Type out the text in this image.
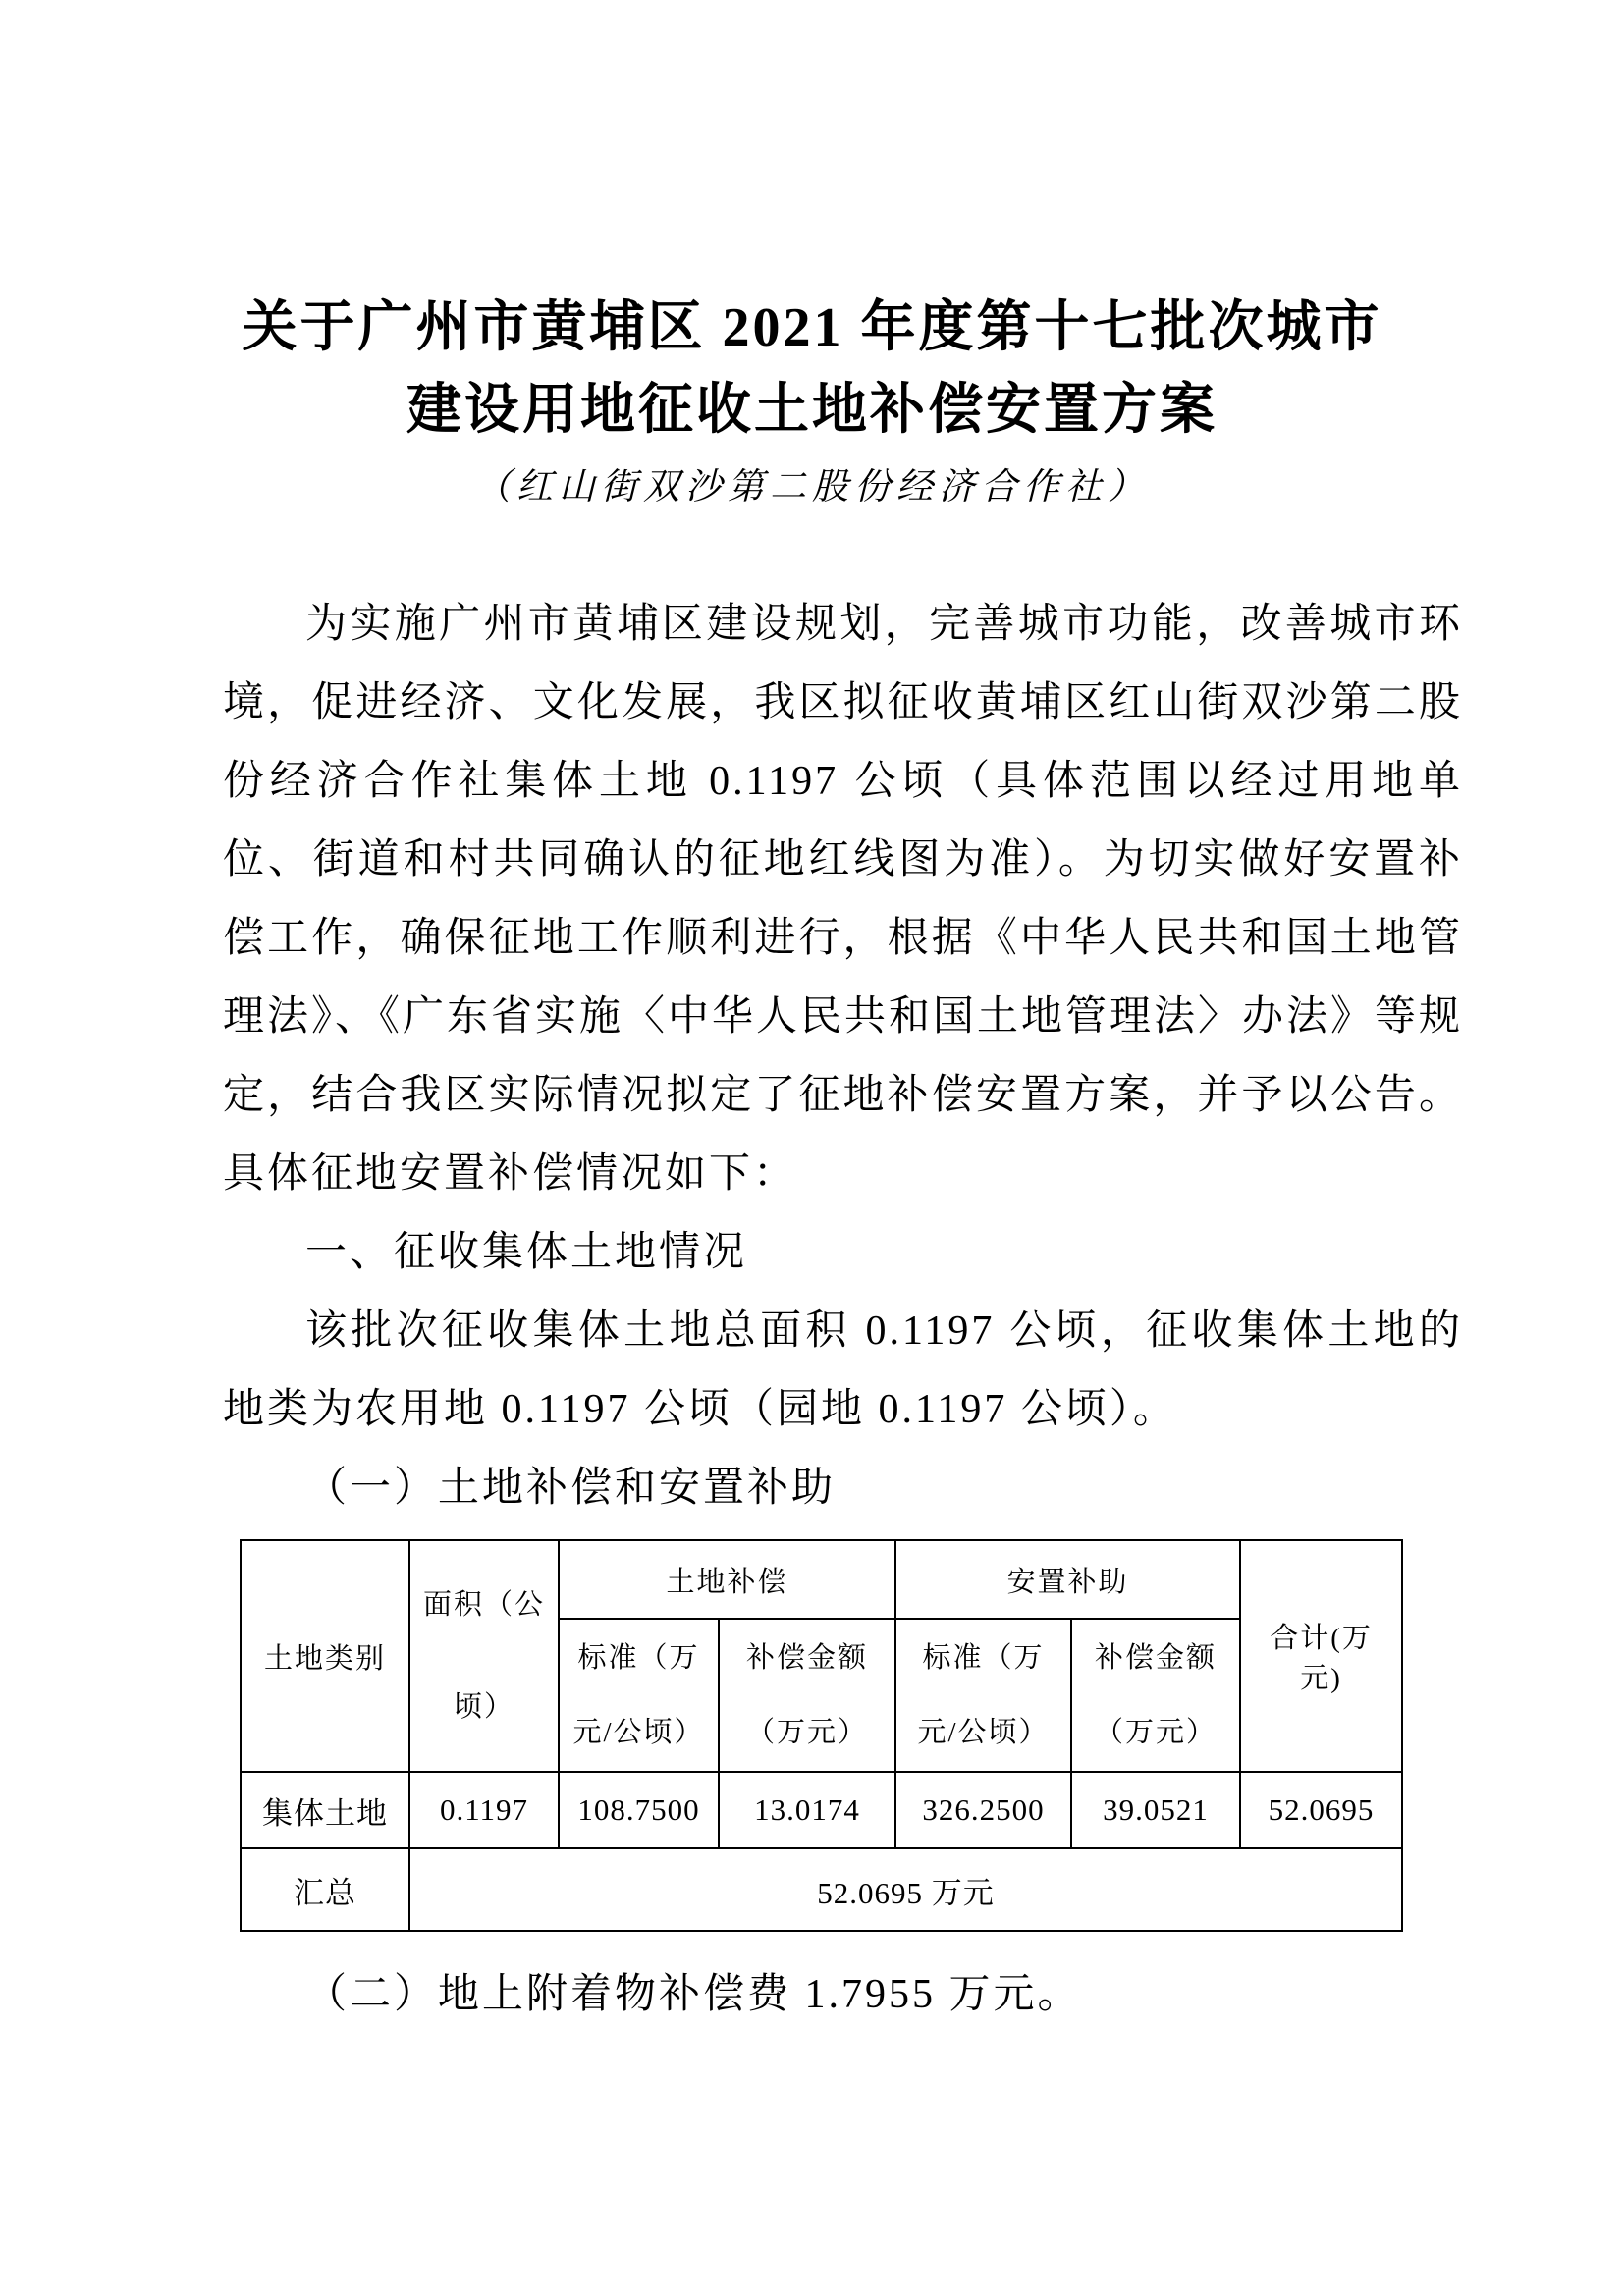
关于广州市黄埔区 2021 年度第十七批次城市
建设用地征收土地补偿安置方案
（红山街双沙第二股份经济合作社）

为实施广州市黄埔区建设规划，完善城市功能，改善城市环境，促进经济、文化发展，我区拟征收黄埔区红山街双沙第二股份经济合作社集体土地 0.1197 公顷（具体范围以经过用地单位、街道和村共同确认的征地红线图为准）。为切实做好安置补偿工作，确保征地工作顺利进行，根据《中华人民共和国土地管理法》、《广东省实施〈中华人民共和国土地管理法〉办法》等规定，结合我区实际情况拟定了征地补偿安置方案，并予以公告。具体征地安置补偿情况如下：

一、征收集体土地情况

该批次征收集体土地总面积 0.1197 公顷，征收集体土地的地类为农用地 0.1197 公顷（园地 0.1197 公顷）。

（一）土地补偿和安置补助

土地类别	面积（公顷）	土地补偿		安置补助		合计(万元)
		标准（万元/公顷）	补偿金额（万元）	标准（万元/公顷）	补偿金额（万元）	
集体土地	0.1197	108.7500	13.0174	326.2500	39.0521	52.0695
汇总	52.0695 万元					

（二）地上附着物补偿费 1.7955 万元。
